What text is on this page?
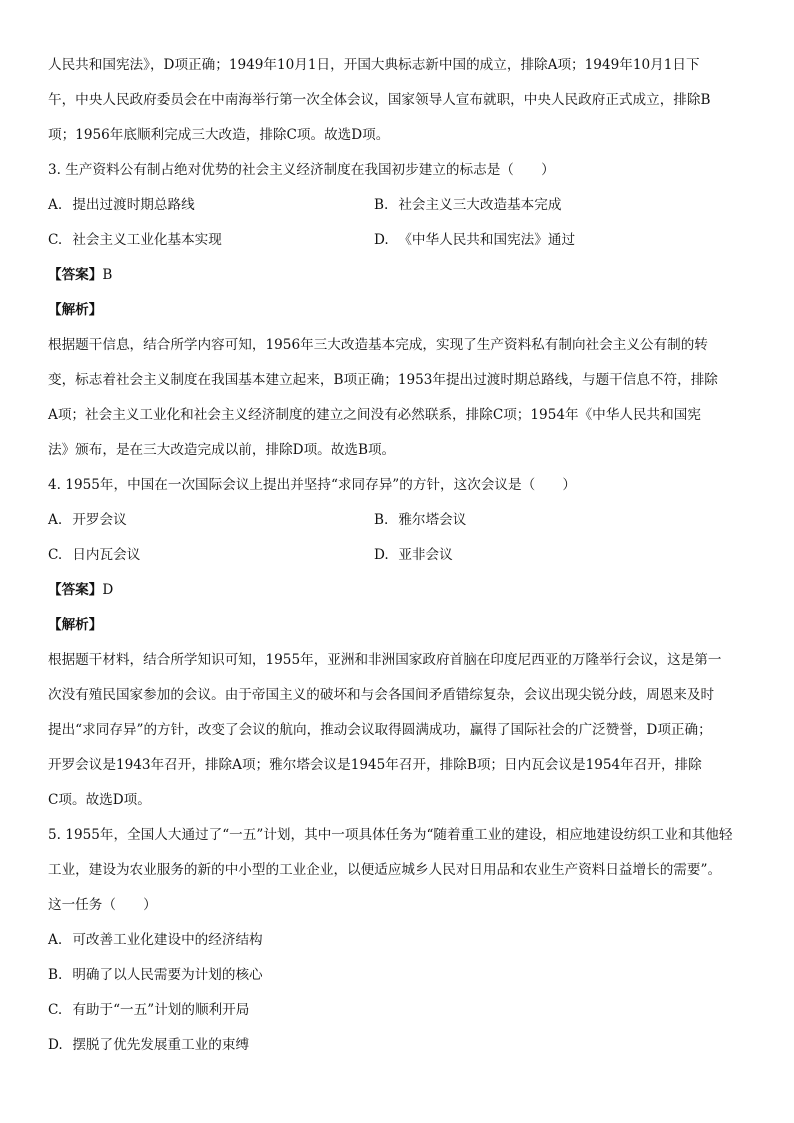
人民共和国宪法》，D项正确；1949年10月1日，开国大典标志新中国的成立，排除A项；1949年10月1日下
午，中央人民政府委员会在中南海举行第一次全体会议，国家领导人宣布就职，中央人民政府正式成立，排除B
项；1956年底顺利完成三大改造，排除C项。故选D项。
3. 生产资料公有制占绝对优势的社会主义经济制度在我国初步建立的标志是（　　）
A. 提出过渡时期总路线	B. 社会主义三大改造基本完成
C. 社会主义工业化基本实现	D. 《中华人民共和国宪法》通过
【答案】B
【解析】
根据题干信息，结合所学内容可知，1956年三大改造基本完成，实现了生产资料私有制向社会主义公有制的转
变，标志着社会主义制度在我国基本建立起来，B项正确；1953年提出过渡时期总路线，与题干信息不符，排除
A项；社会主义工业化和社会主义经济制度的建立之间没有必然联系，排除C项；1954年《中华人民共和国宪
法》颁布，是在三大改造完成以前，排除D项。故选B项。
4. 1955年，中国在一次国际会议上提出并坚持“求同存异”的方针，这次会议是（　　）
A. 开罗会议	B. 雅尔塔会议
C. 日内瓦会议	D. 亚非会议
【答案】D
【解析】
根据题干材料，结合所学知识可知，1955年，亚洲和非洲国家政府首脑在印度尼西亚的万隆举行会议，这是第一
次没有殖民国家参加的会议。由于帝国主义的破坏和与会各国间矛盾错综复杂，会议出现尖锐分歧，周恩来及时
提出“求同存异”的方针，改变了会议的航向，推动会议取得圆满成功，赢得了国际社会的广泛赞誉，D项正确；
开罗会议是1943年召开，排除A项；雅尔塔会议是1945年召开，排除B项；日内瓦会议是1954年召开，排除
C项。故选D项。
5. 1955年，全国人大通过了“一五”计划，其中一项具体任务为“随着重工业的建设，相应地建设纺织工业和其他轻
工业，建设为农业服务的新的中小型的工业企业，以便适应城乡人民对日用品和农业生产资料日益增长的需要”。
这一任务（　　）
A. 可改善工业化建设中的经济结构
B. 明确了以人民需要为计划的核心
C. 有助于“一五”计划的顺利开局
D. 摆脱了优先发展重工业的束缚
